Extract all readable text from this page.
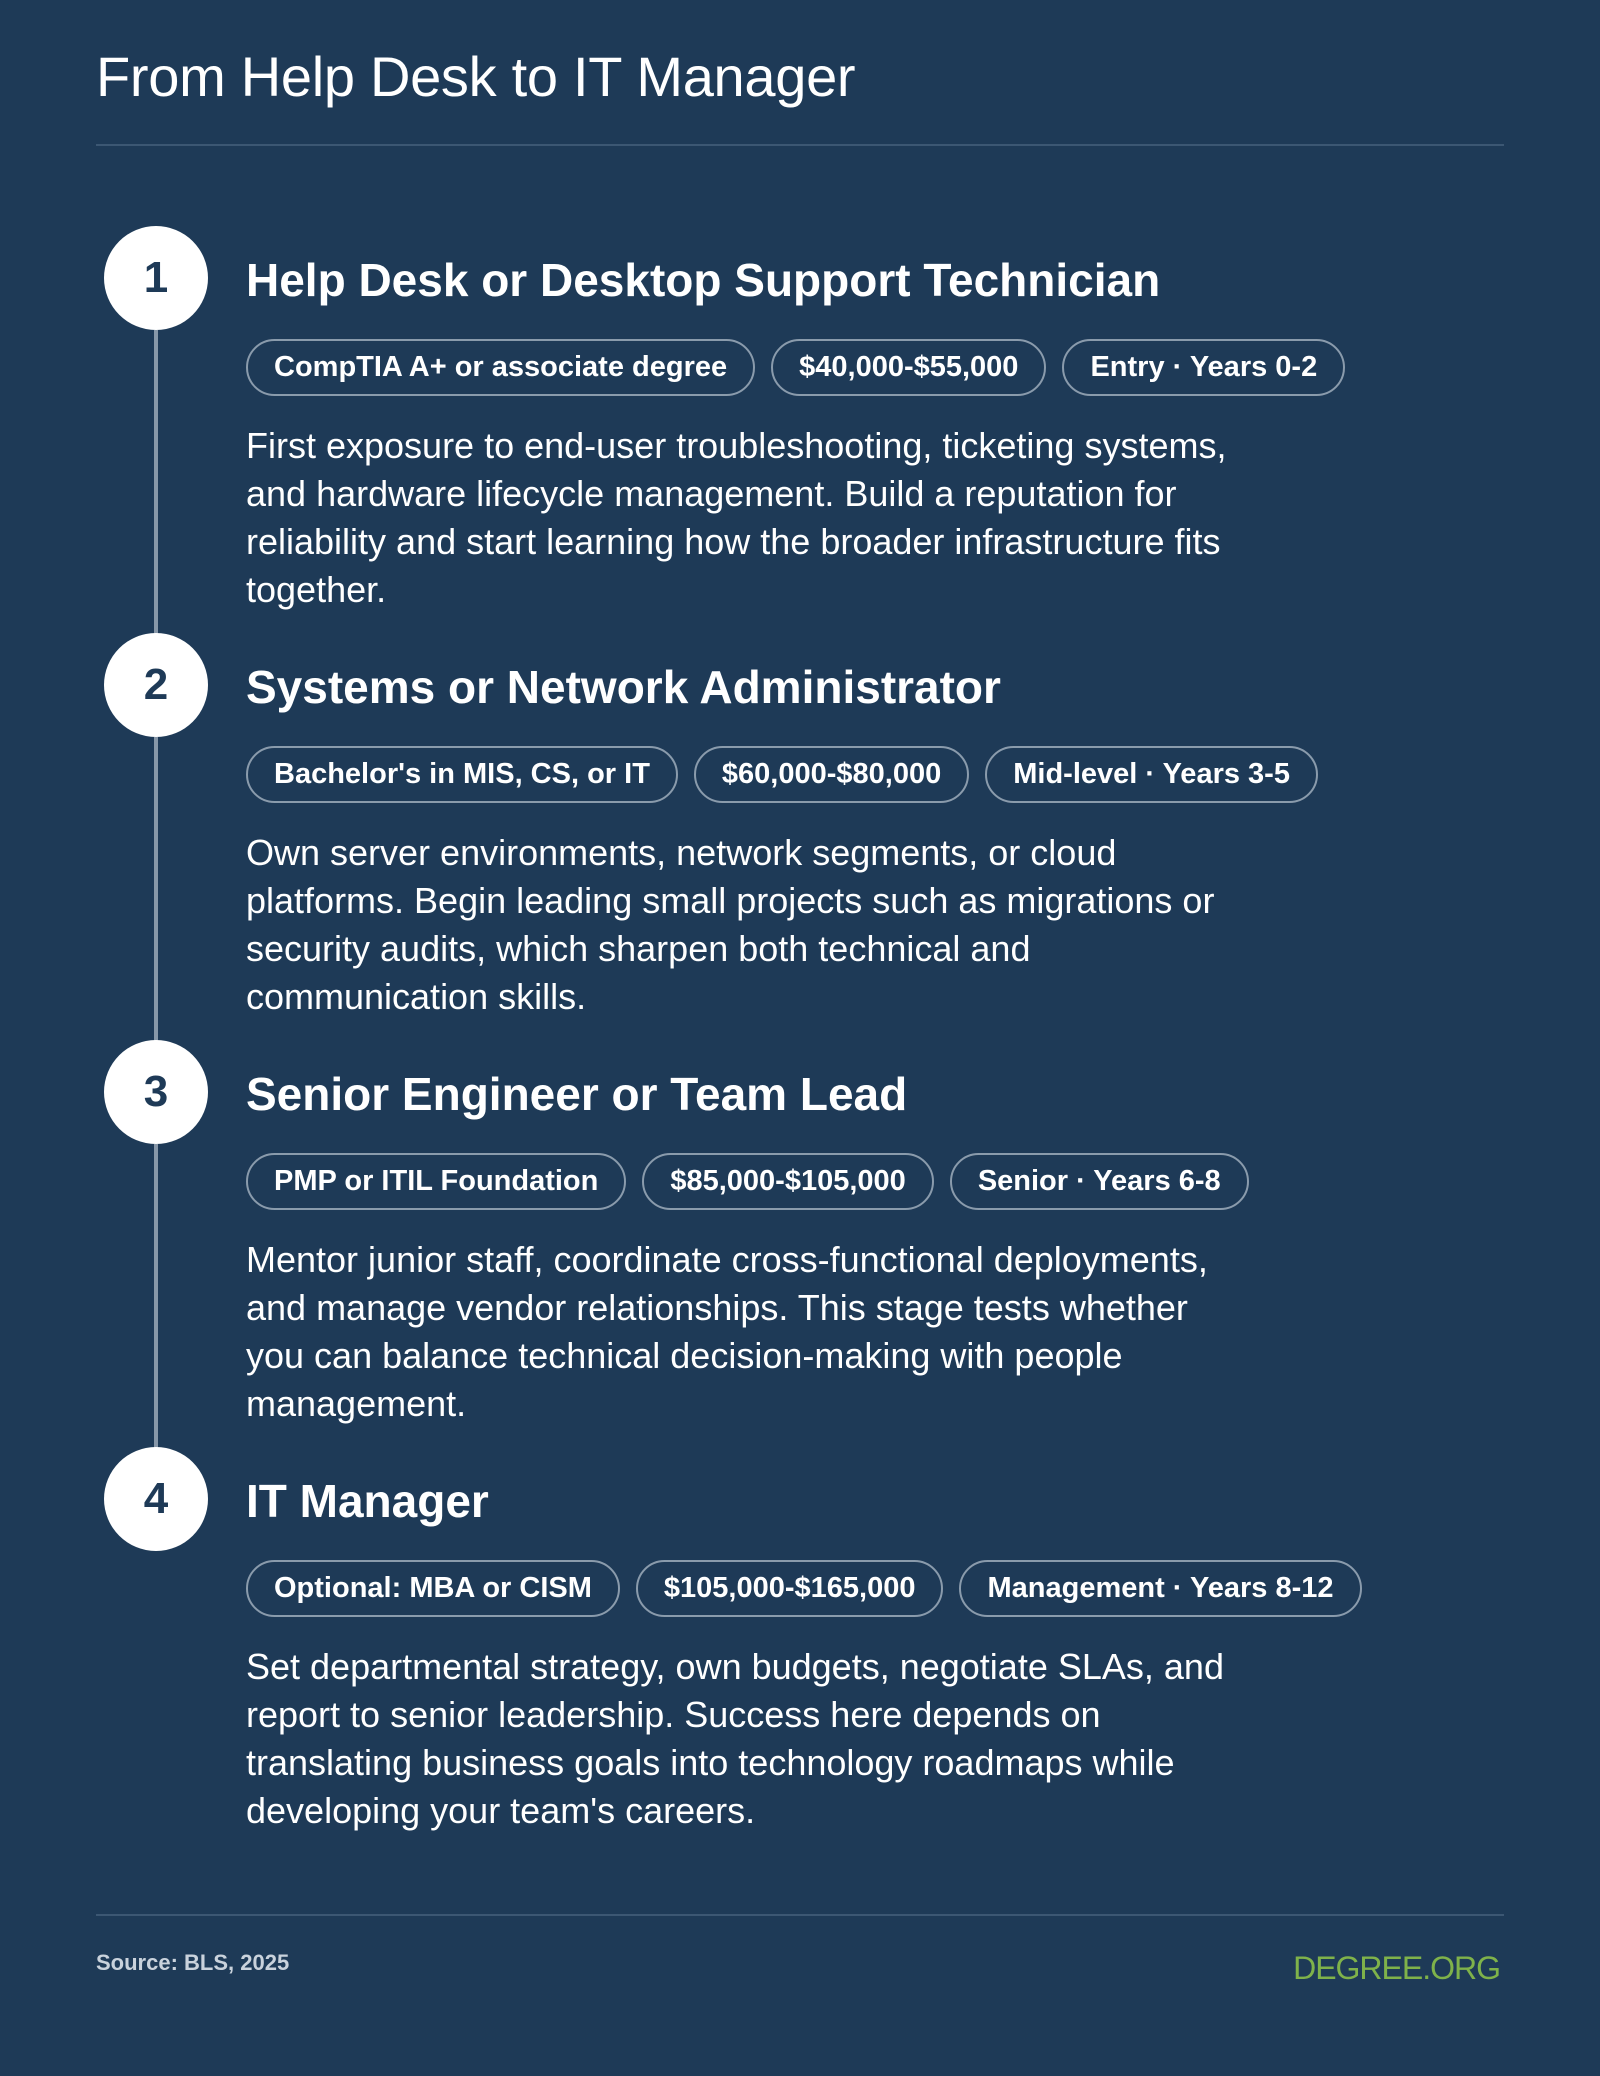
From Help Desk to IT Manager
1	Help Desk or Desktop Support Technician
CompTIA A+ or associate degree	$40,000-$55,000	Entry · Years 0-2

First exposure to end-user troubleshooting, ticketing systems, and hardware lifecycle management. Build a reputation for reliability and start learning how the broader infrastructure fits together.

2	Systems or Network Administrator
Bachelor's in MIS, CS, or IT	$60,000-$80,000	Mid-level · Years 3-5

Own server environments, network segments, or cloud platforms. Begin leading small projects such as migrations or security audits, which sharpen both technical and communication skills.

3	Senior Engineer or Team Lead
PMP or ITIL Foundation	$85,000-$105,000	Senior · Years 6-8

Mentor junior staff, coordinate cross-functional deployments, and manage vendor relationships. This stage tests whether you can balance technical decision-making with people management.

4	IT Manager
Optional: MBA or CISM	$105,000-$165,000	Management · Years 8-12

Set departmental strategy, own budgets, negotiate SLAs, and report to senior leadership. Success here depends on translating business goals into technology roadmaps while developing your team's careers.

Source: BLS, 2025	DEGREE.ORG
